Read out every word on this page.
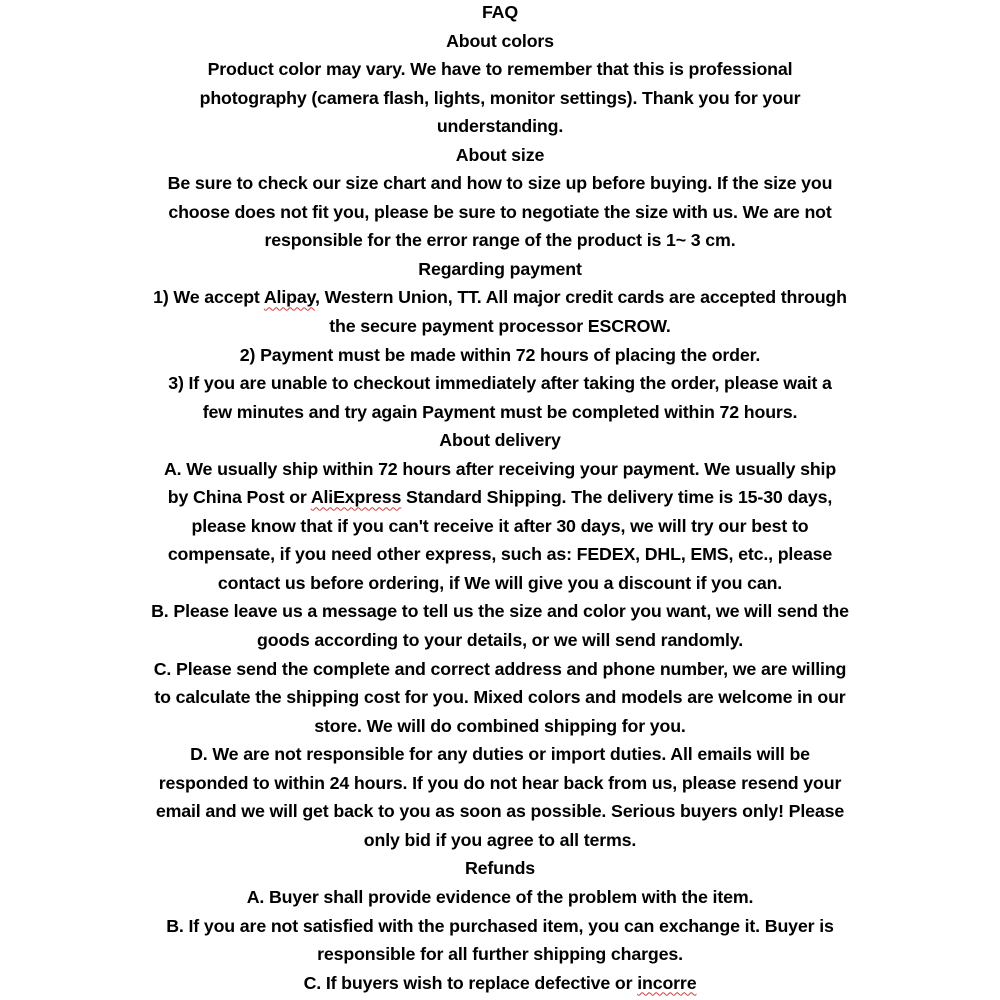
FAQ
About colors
Product color may vary. We have to remember that this is professional
photography (camera flash, lights, monitor settings). Thank you for your
understanding.
About size
Be sure to check our size chart and how to size up before buying. If the size you
choose does not fit you, please be sure to negotiate the size with us. We are not
responsible for the error range of the product is 1~ 3 cm.
Regarding payment
1) We accept Alipay, Western Union, TT. All major credit cards are accepted through
the secure payment processor ESCROW.
2) Payment must be made within 72 hours of placing the order.
3) If you are unable to checkout immediately after taking the order, please wait a
few minutes and try again Payment must be completed within 72 hours.
About delivery
A. We usually ship within 72 hours after receiving your payment. We usually ship
by China Post or AliExpress Standard Shipping. The delivery time is 15-30 days,
please know that if you can't receive it after 30 days, we will try our best to
compensate, if you need other express, such as: FEDEX, DHL, EMS, etc., please
contact us before ordering, if We will give you a discount if you can.
B. Please leave us a message to tell us the size and color you want, we will send the
goods according to your details, or we will send randomly.
C. Please send the complete and correct address and phone number, we are willing
to calculate the shipping cost for you. Mixed colors and models are welcome in our
store. We will do combined shipping for you.
D. We are not responsible for any duties or import duties. All emails will be
responded to within 24 hours. If you do not hear back from us, please resend your
email and we will get back to you as soon as possible. Serious buyers only! Please
only bid if you agree to all terms.
Refunds
A. Buyer shall provide evidence of the problem with the item.
B. If you are not satisfied with the purchased item, you can exchange it. Buyer is
responsible for all further shipping charges.
C. If buyers wish to replace defective or incorre
